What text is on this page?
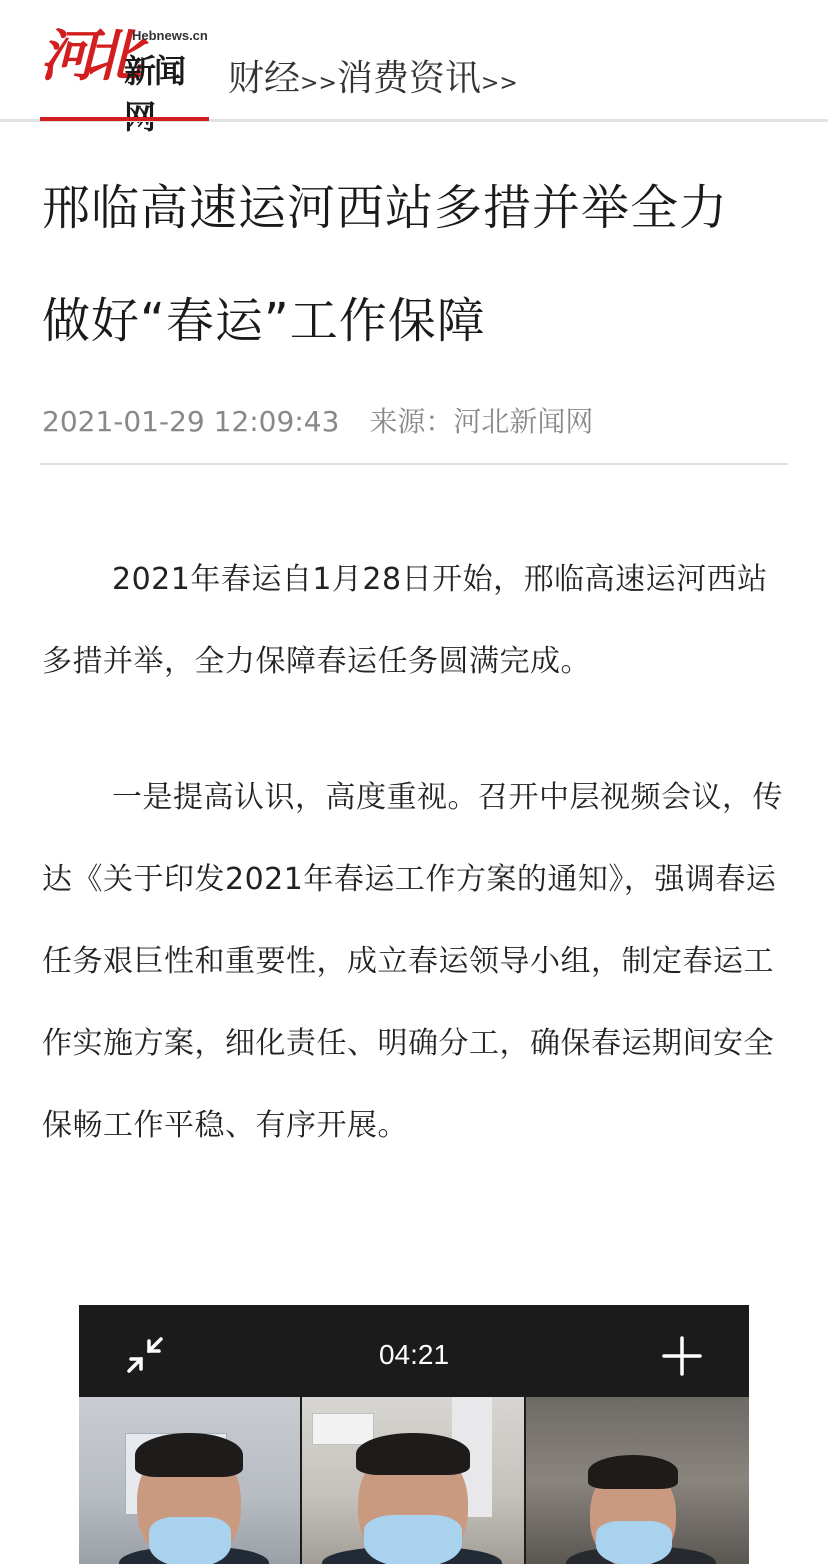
河北 Hebnews.cn
新闻	财经>>消费资讯>>
邢临高速运河西站多措并举全力
做好“春运”工作保障
2021-01-29 12:09:43 来源：河北新闻网

2021年春运自1月28日开始，邢临高速运河西站多措并举，全力保障春运任务圆满完成。

一是提高认识，高度重视。召开中层视频会议，传达《关于印发2021年春运工作方案的通知》，强调春运任务艰巨性和重要性，成立春运领导小组，制定春运工作实施方案，细化责任、明确分工，确保春运期间安全保畅工作平稳、有序开展。

04:21
